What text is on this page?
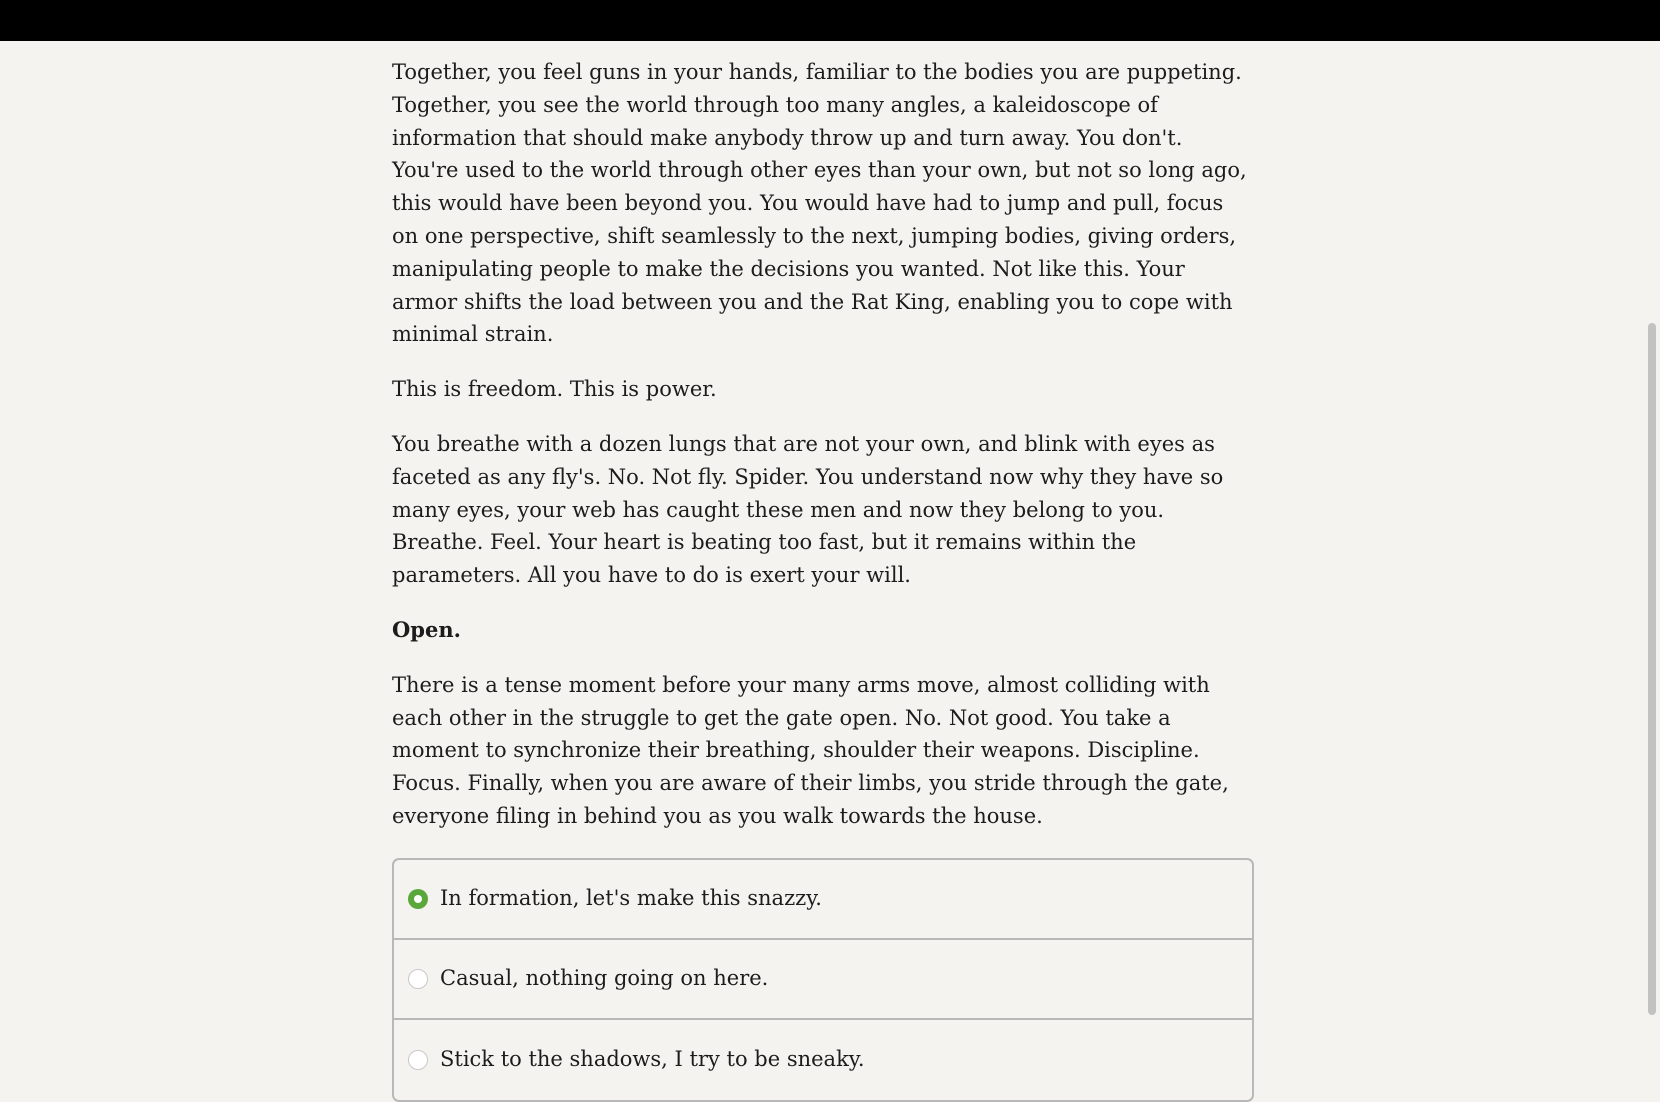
Together, you feel guns in your hands, familiar to the bodies you are puppeting. Together, you see the world through too many angles, a kaleidoscope of information that should make anybody throw up and turn away. You don't. You're used to the world through other eyes than your own, but not so long ago, this would have been beyond you. You would have had to jump and pull, focus on one perspective, shift seamlessly to the next, jumping bodies, giving orders, manipulating people to make the decisions you wanted. Not like this. Your armor shifts the load between you and the Rat King, enabling you to cope with minimal strain.

This is freedom. This is power.

You breathe with a dozen lungs that are not your own, and blink with eyes as faceted as any fly's. No. Not fly. Spider. You understand now why they have so many eyes, your web has caught these men and now they belong to you. Breathe. Feel. Your heart is beating too fast, but it remains within the parameters. All you have to do is exert your will.

Open.

There is a tense moment before your many arms move, almost colliding with each other in the struggle to get the gate open. No. Not good. You take a moment to synchronize their breathing, shoulder their weapons. Discipline. Focus. Finally, when you are aware of their limbs, you stride through the gate, everyone filing in behind you as you walk towards the house.

In formation, let's make this snazzy.
Casual, nothing going on here.
Stick to the shadows, I try to be sneaky.
